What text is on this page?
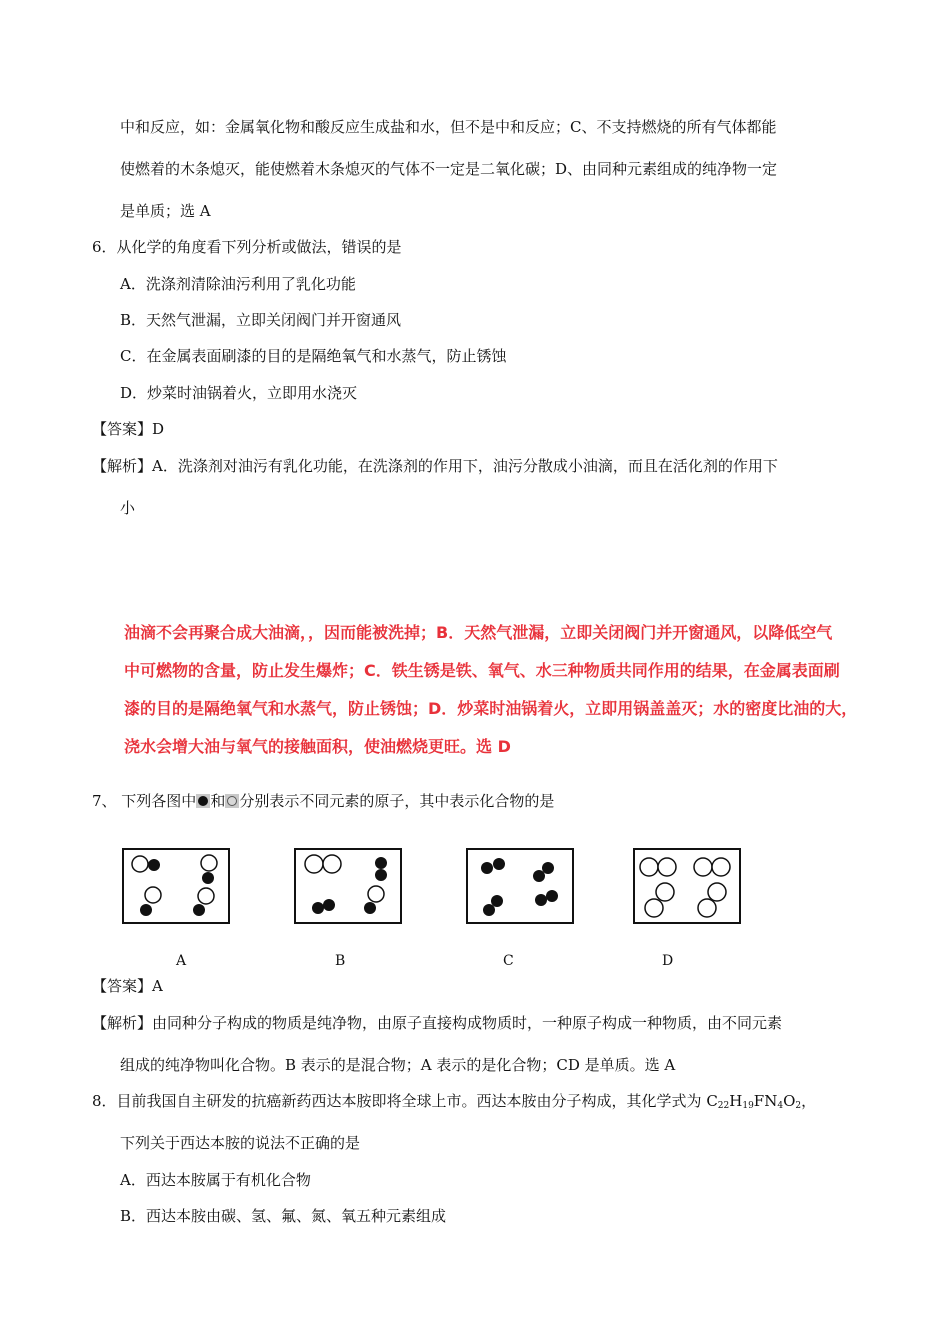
中和反应，如：金属氧化物和酸反应生成盐和水，但不是中和反应；C、不支持燃烧的所有气体都能
使燃着的木条熄灭，能使燃着木条熄灭的气体不一定是二氧化碳；D、由同种元素组成的纯净物一定
是单质；选 A
6．从化学的角度看下列分析或做法，错误的是
A．洗涤剂清除油污利用了乳化功能
B．天然气泄漏，立即关闭阀门并开窗通风
C．在金属表面刷漆的目的是隔绝氧气和水蒸气，防止锈蚀
D．炒菜时油锅着火，立即用水浇灭
【答案】D
【解析】A．洗涤剂对油污有乳化功能，在洗涤剂的作用下，油污分散成小油滴，而且在活化剂的作用下
小
油滴不会再聚合成大油滴，，因而能被洗掉；B．天然气泄漏，立即关闭阀门并开窗通风，以降低空气
中可燃物的含量，防止发生爆炸；C．铁生锈是铁、氧气、水三种物质共同作用的结果，在金属表面刷
漆的目的是隔绝氧气和水蒸气，防止锈蚀；D．炒菜时油锅着火，立即用锅盖盖灭；水的密度比油的大，
浇水会增大油与氧气的接触面积，使油燃烧更旺。选 D
7、 下列各图中 和 分别表示不同元素的原子，其中表示化合物的是
A	B	C	D
【答案】A
【解析】由同种分子构成的物质是纯净物，由原子直接构成物质时，一种原子构成一种物质，由不同元素
组成的纯净物叫化合物。B 表示的是混合物；A 表示的是化合物；CD 是单质。选 A
8．目前我国自主研发的抗癌新药西达本胺即将全球上市。西达本胺由分子构成，其化学式为 $C_{22}H_{19}FN_4O_2$，
下列关于西达本胺的说法不正确的是
A．西达本胺属于有机化合物
B．西达本胺由碳、氢、氟、氮、氧五种元素组成
